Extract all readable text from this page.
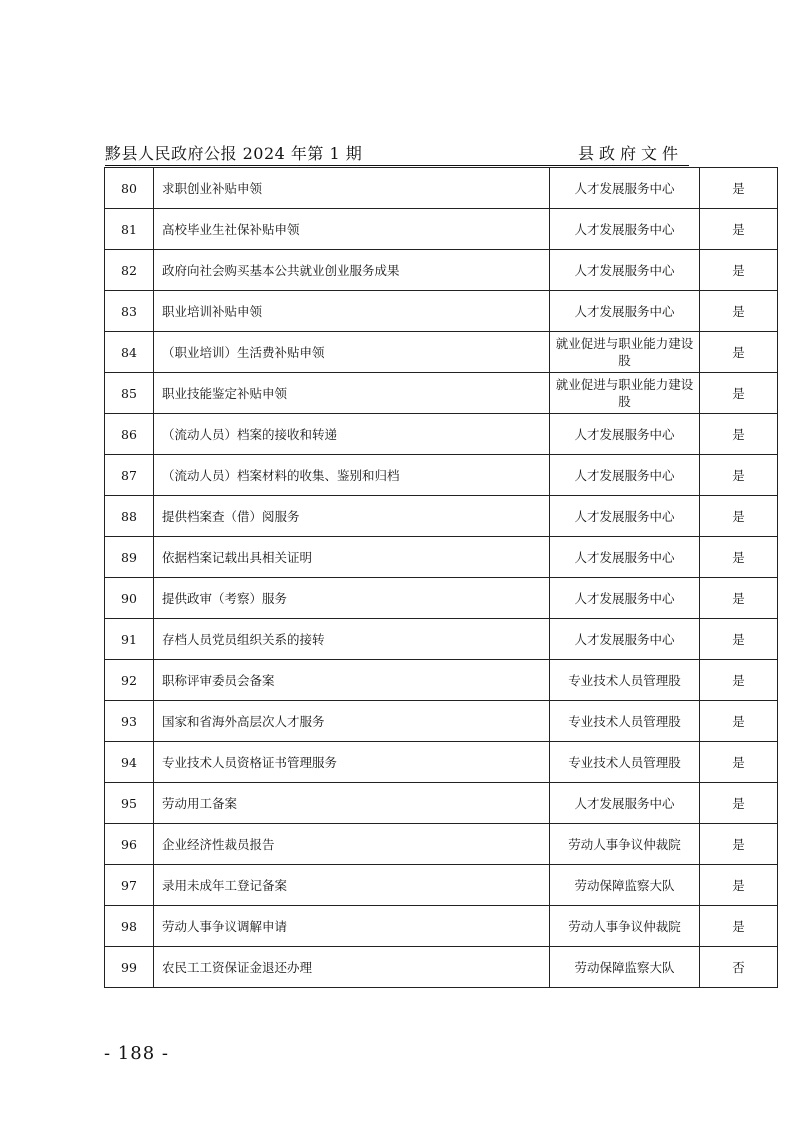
黟县人民政府公报 2024 年第 1 期	县政府文件
80	求职创业补贴申领	人才发展服务中心	是
81	高校毕业生社保补贴申领	人才发展服务中心	是
82	政府向社会购买基本公共就业创业服务成果	人才发展服务中心	是
83	职业培训补贴申领	人才发展服务中心	是
84	（职业培训）生活费补贴申领	就业促进与职业能力建设股	是
85	职业技能鉴定补贴申领	就业促进与职业能力建设股	是
86	（流动人员）档案的接收和转递	人才发展服务中心	是
87	（流动人员）档案材料的收集、鉴别和归档	人才发展服务中心	是
88	提供档案查（借）阅服务	人才发展服务中心	是
89	依据档案记载出具相关证明	人才发展服务中心	是
90	提供政审（考察）服务	人才发展服务中心	是
91	存档人员党员组织关系的接转	人才发展服务中心	是
92	职称评审委员会备案	专业技术人员管理股	是
93	国家和省海外高层次人才服务	专业技术人员管理股	是
94	专业技术人员资格证书管理服务	专业技术人员管理股	是
95	劳动用工备案	人才发展服务中心	是
96	企业经济性裁员报告	劳动人事争议仲裁院	是
97	录用未成年工登记备案	劳动保障监察大队	是
98	劳动人事争议调解申请	劳动人事争议仲裁院	是
99	农民工工资保证金退还办理	劳动保障监察大队	否
- 188 -
